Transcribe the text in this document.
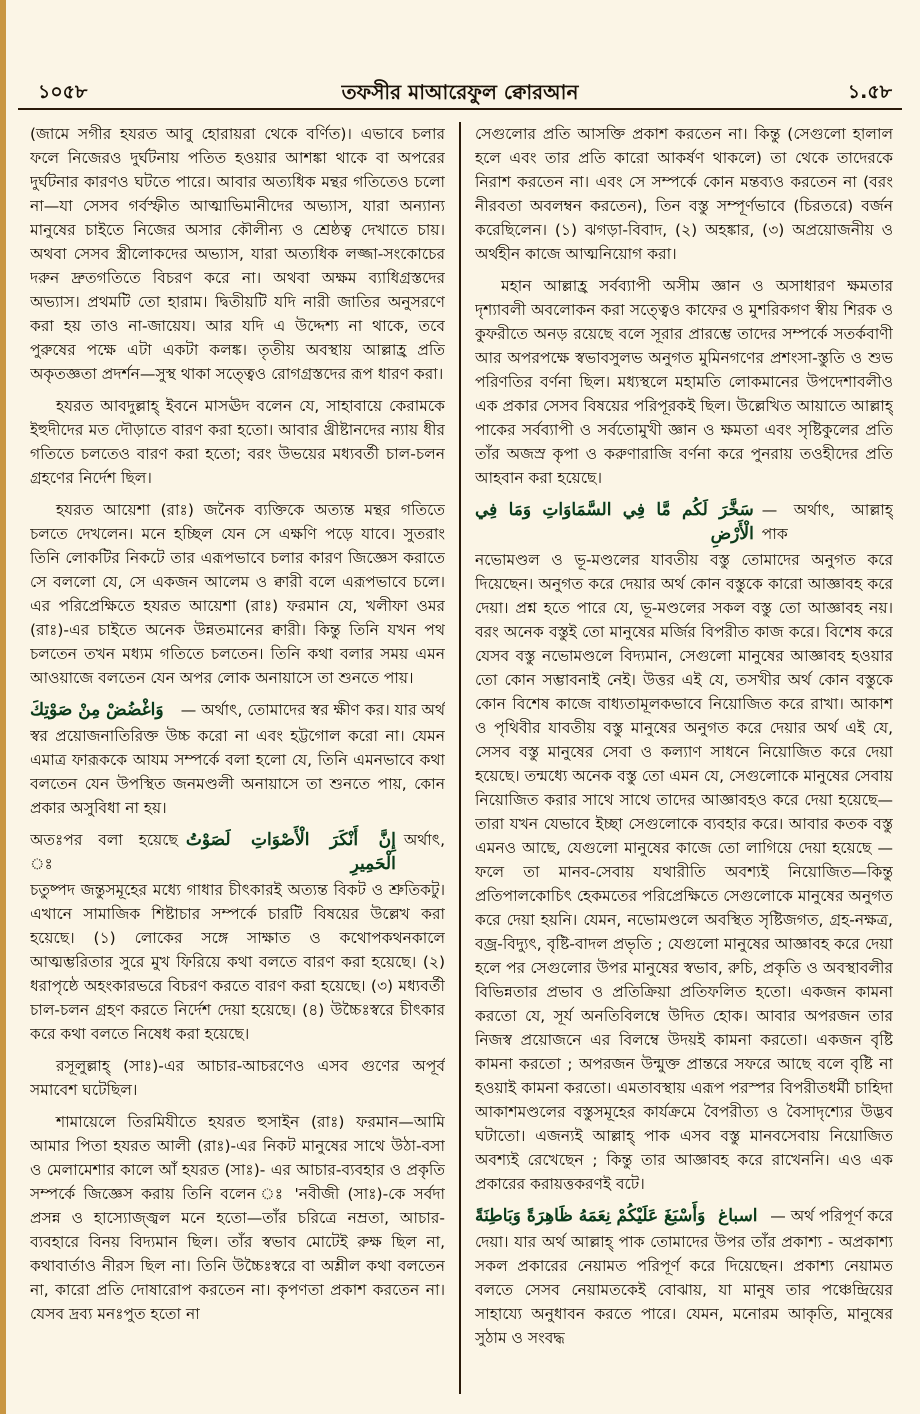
১০৫৮	তফসীর মাআরেফুল ক্বোরআন	১.৫৮

(জামে সগীর হযরত আবু হোরায়রা থেকে বর্ণিত)। এভাবে চলার ফলে নিজেরও দুর্ঘটনায় পতিত হওয়ার আশঙ্কা থাকে বা অপরের দুর্ঘটনার কারণও ঘটতে পারে। আবার অত্যধিক মন্থর গতিতেও চলো না—যা সেসব গর্বস্ফীত আত্মাভিমানীদের অভ্যাস, যারা অন্যান্য মানুষের চাইতে নিজের অসার কৌলীন্য ও শ্রেষ্ঠত্ব দেখাতে চায়। অথবা সেসব স্ত্রীলোকদের অভ্যাস, যারা অত্যধিক লজ্জা-সংকোচের দরুন দ্রুতগতিতে বিচরণ করে না। অথবা অক্ষম ব্যাধিগ্রস্তদের অভ্যাস। প্রথমটি তো হারাম। দ্বিতীয়টি যদি নারী জাতির অনুসরণে করা হয় তাও না-জায়েয। আর যদি এ উদ্দেশ্য না থাকে, তবে পুরুষের পক্ষে এটা একটা কলঙ্ক। তৃতীয় অবস্থায় আল্লাহ্র প্রতি অকৃতজ্ঞতা প্রদর্শন—সুস্থ থাকা সত্ত্বেও রোগগ্রস্তদের রূপ ধারণ করা।

হযরত আবদুল্লাহ্ ইবনে মাসঊদ বলেন যে, সাহাবায়ে কেরামকে ইহুদীদের মত দৌড়াতে বারণ করা হতো। আবার খ্রীষ্টানদের ন্যায় ধীর গতিতে চলতেও বারণ করা হতো; বরং উভয়ের মধ্যবর্তী চাল-চলন গ্রহণের নির্দেশ ছিল।

হযরত আয়েশা (রাঃ) জনৈক ব্যক্তিকে অত্যন্ত মন্থর গতিতে চলতে দেখলেন। মনে হচ্ছিল যেন সে এক্ষণি পড়ে যাবে। সুতরাং তিনি লোকটির নিকটে তার এরূপভাবে চলার কারণ জিজ্ঞেস করাতে সে বললো যে, সে একজন আলেম ও ক্বারী বলে এরূপভাবে চলে। এর পরিপ্রেক্ষিতে হযরত আয়েশা (রাঃ) ফরমান যে, খলীফা ওমর (রাঃ)-এর চাইতে অনেক উন্নতমানের ক্বারী। কিন্তু তিনি যখন পথ চলতেন তখন মধ্যম গতিতে চলতেন। তিনি কথা বলার সময় এমন আওয়াজে বলতেন যেন অপর লোক অনায়াসে তা শুনতে পায়।

وَاغْضُضْ مِنْ صَوْتِكَ — অর্থাৎ, তোমাদের স্বর ক্ষীণ কর। যার অর্থ

স্বর প্রয়োজনাতিরিক্ত উচ্চ করো না এবং হট্টগোল করো না। যেমন এমাত্র ফারূককে আযম সম্পর্কে বলা হলো যে, তিনি এমনভাবে কথা বলতেন যেন উপস্থিত জনমণ্ডলী অনায়াসে তা শুনতে পায়, কোন প্রকার অসুবিধা না হয়।

অতঃপর বলা হয়েছে ঃ
إِنَّ أَنْكَرَ الْأَصْوَاتِ لَصَوْتُ الْحَمِيرِ
অর্থাৎ,

চতুষ্পদ জন্তুসমূহের মধ্যে গাধার চীৎকারই অত্যন্ত বিকট ও শ্রুতিকটু। এখানে সামাজিক শিষ্টাচার সম্পর্কে চারটি বিষয়ের উল্লেখ করা হয়েছে। (১) লোকের সঙ্গে সাক্ষাত ও কথোপকথনকালে আত্মম্ভরিতার সুরে মুখ ফিরিয়ে কথা বলতে বারণ করা হয়েছে। (২) ধরাপৃষ্ঠে অহংকারভরে বিচরণ করতে বারণ করা হয়েছে। (৩) মধ্যবর্তী চাল-চলন গ্রহণ করতে নির্দেশ দেয়া হয়েছে। (৪) উচ্চৈঃস্বরে চীৎকার করে কথা বলতে নিষেধ করা হয়েছে।

রসূলুল্লাহ্ (সাঃ)-এর আচার-আচরণেও এসব গুণের অপূর্ব সমাবেশ ঘটেছিল।

শামায়েলে তিরমিযীতে হযরত হুসাইন (রাঃ) ফরমান—আমি আমার পিতা হযরত আলী (রাঃ)-এর নিকট মানুষের সাথে উঠা-বসা ও মেলামেশার কালে আঁ হযরত (সাঃ)- এর আচার-ব্যবহার ও প্রকৃতি সম্পর্কে জিজ্ঞেস করায় তিনি বলেন ঃ 'নবীজী (সাঃ)-কে সর্বদা প্রসন্ন ও হাস্যোজ্জ্বল মনে হতো—তাঁর চরিত্রে নম্রতা, আচার-ব্যবহারে বিনয় বিদ্যমান ছিল। তাঁর স্বভাব মোটেই রুক্ষ ছিল না, কথাবার্তাও নীরস ছিল না। তিনি উচ্চৈঃস্বরে বা অশ্লীল কথা বলতেন না, কারো প্রতি দোষারোপ করতেন না। কৃপণতা প্রকাশ করতেন না। যেসব দ্রব্য মনঃপুত হতো না

সেগুলোর প্রতি আসক্তি প্রকাশ করতেন না। কিন্তু (সেগুলো হালাল হলে এবং তার প্রতি কারো আকর্ষণ থাকলে) তা থেকে তাদেরকে নিরাশ করতেন না। এবং সে সম্পর্কে কোন মন্তব্যও করতেন না (বরং নীরবতা অবলম্বন করতেন), তিন বস্তু সম্পূর্ণভাবে (চিরতরে) বর্জন করেছিলেন। (১) ঝগড়া-বিবাদ, (২) অহঙ্কার, (৩) অপ্রয়োজনীয় ও অর্থহীন কাজে আত্মনিয়োগ করা।

মহান আল্লাহ্র সর্বব্যাপী অসীম জ্ঞান ও অসাধারণ ক্ষমতার দৃশ্যাবলী অবলোকন করা সত্ত্বেও কাফের ও মুশরিকগণ স্বীয় শিরক ও কুফরীতে অনড় রয়েছে বলে সূরার প্রারম্ভে তাদের সম্পর্কে সতর্কবাণী আর অপরপক্ষে স্বভাবসুলভ অনুগত মুমিনগণের প্রশংসা-স্তুতি ও শুভ পরিণতির বর্ণনা ছিল। মধ্যস্থলে মহামতি লোকমানের উপদেশাবলীও এক প্রকার সেসব বিষয়ের পরিপূরকই ছিল। উল্লেখিত আয়াতে আল্লাহ্ পাকের সর্বব্যাপী ও সর্বতোমুখী জ্ঞান ও ক্ষমতা এবং সৃষ্টিকুলের প্রতি তাঁর অজস্র কৃপা ও করুণারাজি বর্ণনা করে পুনরায় তওহীদের প্রতি আহবান করা হয়েছে।

سَخَّرَ لَكُم مَّا فِي السَّمَاوَاتِ وَمَا فِي الْأَرْضِ
— অর্থাৎ, আল্লাহ্ পাক

নভোমণ্ডল ও ভূ-মণ্ডলের যাবতীয় বস্তু তোমাদের অনুগত করে দিয়েছেন। অনুগত করে দেয়ার অর্থ কোন বস্তুকে কারো আজ্ঞাবহ করে দেয়া। প্রশ্ন হতে পারে যে, ভূ-মণ্ডলের সকল বস্তু তো আজ্ঞাবহ নয়। বরং অনেক বস্তুই তো মানুষের মর্জির বিপরীত কাজ করে। বিশেষ করে যেসব বস্তু নভোমণ্ডলে বিদ্যমান, সেগুলো মানুষের আজ্ঞাবহ হওয়ার তো কোন সম্ভাবনাই নেই। উত্তর এই যে, তসখীর অর্থ কোন বস্তুকে কোন বিশেষ কাজে বাধ্যতামূলকভাবে নিয়োজিত করে রাখা। আকাশ ও পৃথিবীর যাবতীয় বস্তু মানুষের অনুগত করে দেয়ার অর্থ এই যে, সেসব বস্তু মানুষের সেবা ও কল্যাণ সাধনে নিয়োজিত করে দেয়া হয়েছে। তন্মধ্যে অনেক বস্তু তো এমন যে, সেগুলোকে মানুষের সেবায় নিয়োজিত করার সাথে সাথে তাদের আজ্ঞাবহও করে দেয়া হয়েছে—তারা যখন যেভাবে ইচ্ছা সেগুলোকে ব্যবহার করে। আবার কতক বস্তু এমনও আছে, যেগুলো মানুষের কাজে তো লাগিয়ে দেয়া হয়েছে —ফলে তা মানব-সেবায় যথারীতি অবশ্যই নিয়োজিত—কিন্তু প্রতিপালকোচিৎ হেকমতের পরিপ্রেক্ষিতে সেগুলোকে মানুষের অনুগত করে দেয়া হয়নি। যেমন, নভোমণ্ডলে অবস্থিত সৃষ্টিজগত, গ্রহ-নক্ষত্র, বজ্র-বিদ্যুৎ, বৃষ্টি-বাদল প্রভৃতি ; যেগুলো মানুষের আজ্ঞাবহ করে দেয়া হলে পর সেগুলোর উপর মানুষের স্বভাব, রুচি, প্রকৃতি ও অবস্থাবলীর বিভিন্নতার প্রভাব ও প্রতিক্রিয়া প্রতিফলিত হতো। একজন কামনা করতো যে, সূর্য অনতিবিলম্বে উদিত হোক। আবার অপরজন তার নিজস্ব প্রয়োজনে এর বিলম্বে উদয়ই কামনা করতো। একজন বৃষ্টি কামনা করতো ; অপরজন উন্মুক্ত প্রান্তরে সফরে আছে বলে বৃষ্টি না হওয়াই কামনা করতো। এমতাবস্থায় এরূপ পরস্পর বিপরীতধর্মী চাহিদা আকাশমণ্ডলের বস্তুসমূহের কার্যক্রমে বৈপরীত্য ও বৈসাদৃশ্যের উদ্ভব ঘটাতো। এজন্যই আল্লাহ্ পাক এসব বস্তু মানবসেবায় নিয়োজিত অবশ্যই রেখেছেন ; কিন্তু তার আজ্ঞাবহ করে রাখেননি। এও এক প্রকারের করায়ত্তকরণই বটে।

وَأَسْبَغَ عَلَيْكُمْ نِعَمَهُ ظَاهِرَةً وَبَاطِنَةً اسباغ — অর্থ পরিপূর্ণ করে

দেয়া। যার অর্থ আল্লাহ্ পাক তোমাদের উপর তাঁর প্রকাশ্য - অপ্রকাশ্য সকল প্রকারের নেয়ামত পরিপূর্ণ করে দিয়েছেন। প্রকাশ্য নেয়ামত বলতে সেসব নেয়ামতকেই বোঝায়, যা মানুষ তার পঞ্চেন্দ্রিয়ের সাহায্যে অনুধাবন করতে পারে। যেমন, মনোরম আকৃতি, মানুষের সুঠাম ও সংবদ্ধ
